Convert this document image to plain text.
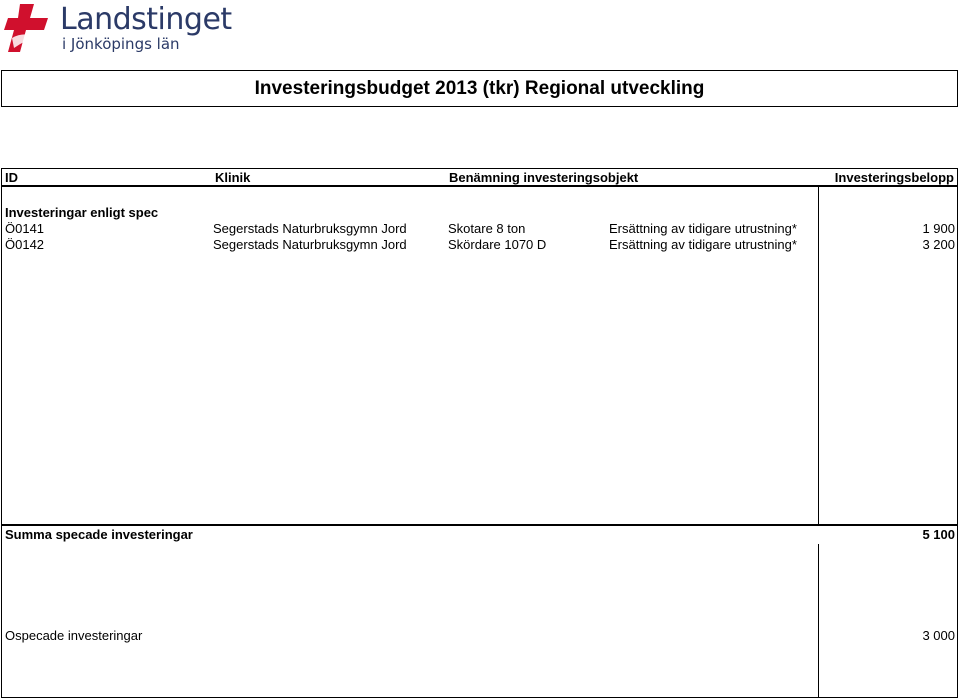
Landstinget
i Jönköpings län
Investeringsbudget 2013 (tkr) Regional utveckling
ID	Klinik	Benämning investeringsobjekt	Investeringsbelopp
Investeringar enligt spec
Ö0141	Segerstads Naturbruksgymn Jord	Skotare 8 ton	Ersättning av tidigare utrustning*	1 900
Ö0142	Segerstads Naturbruksgymn Jord	Skördare 1070 D	Ersättning av tidigare utrustning*	3 200
Summa specade investeringar	5 100
Ospecade investeringar	3 000
